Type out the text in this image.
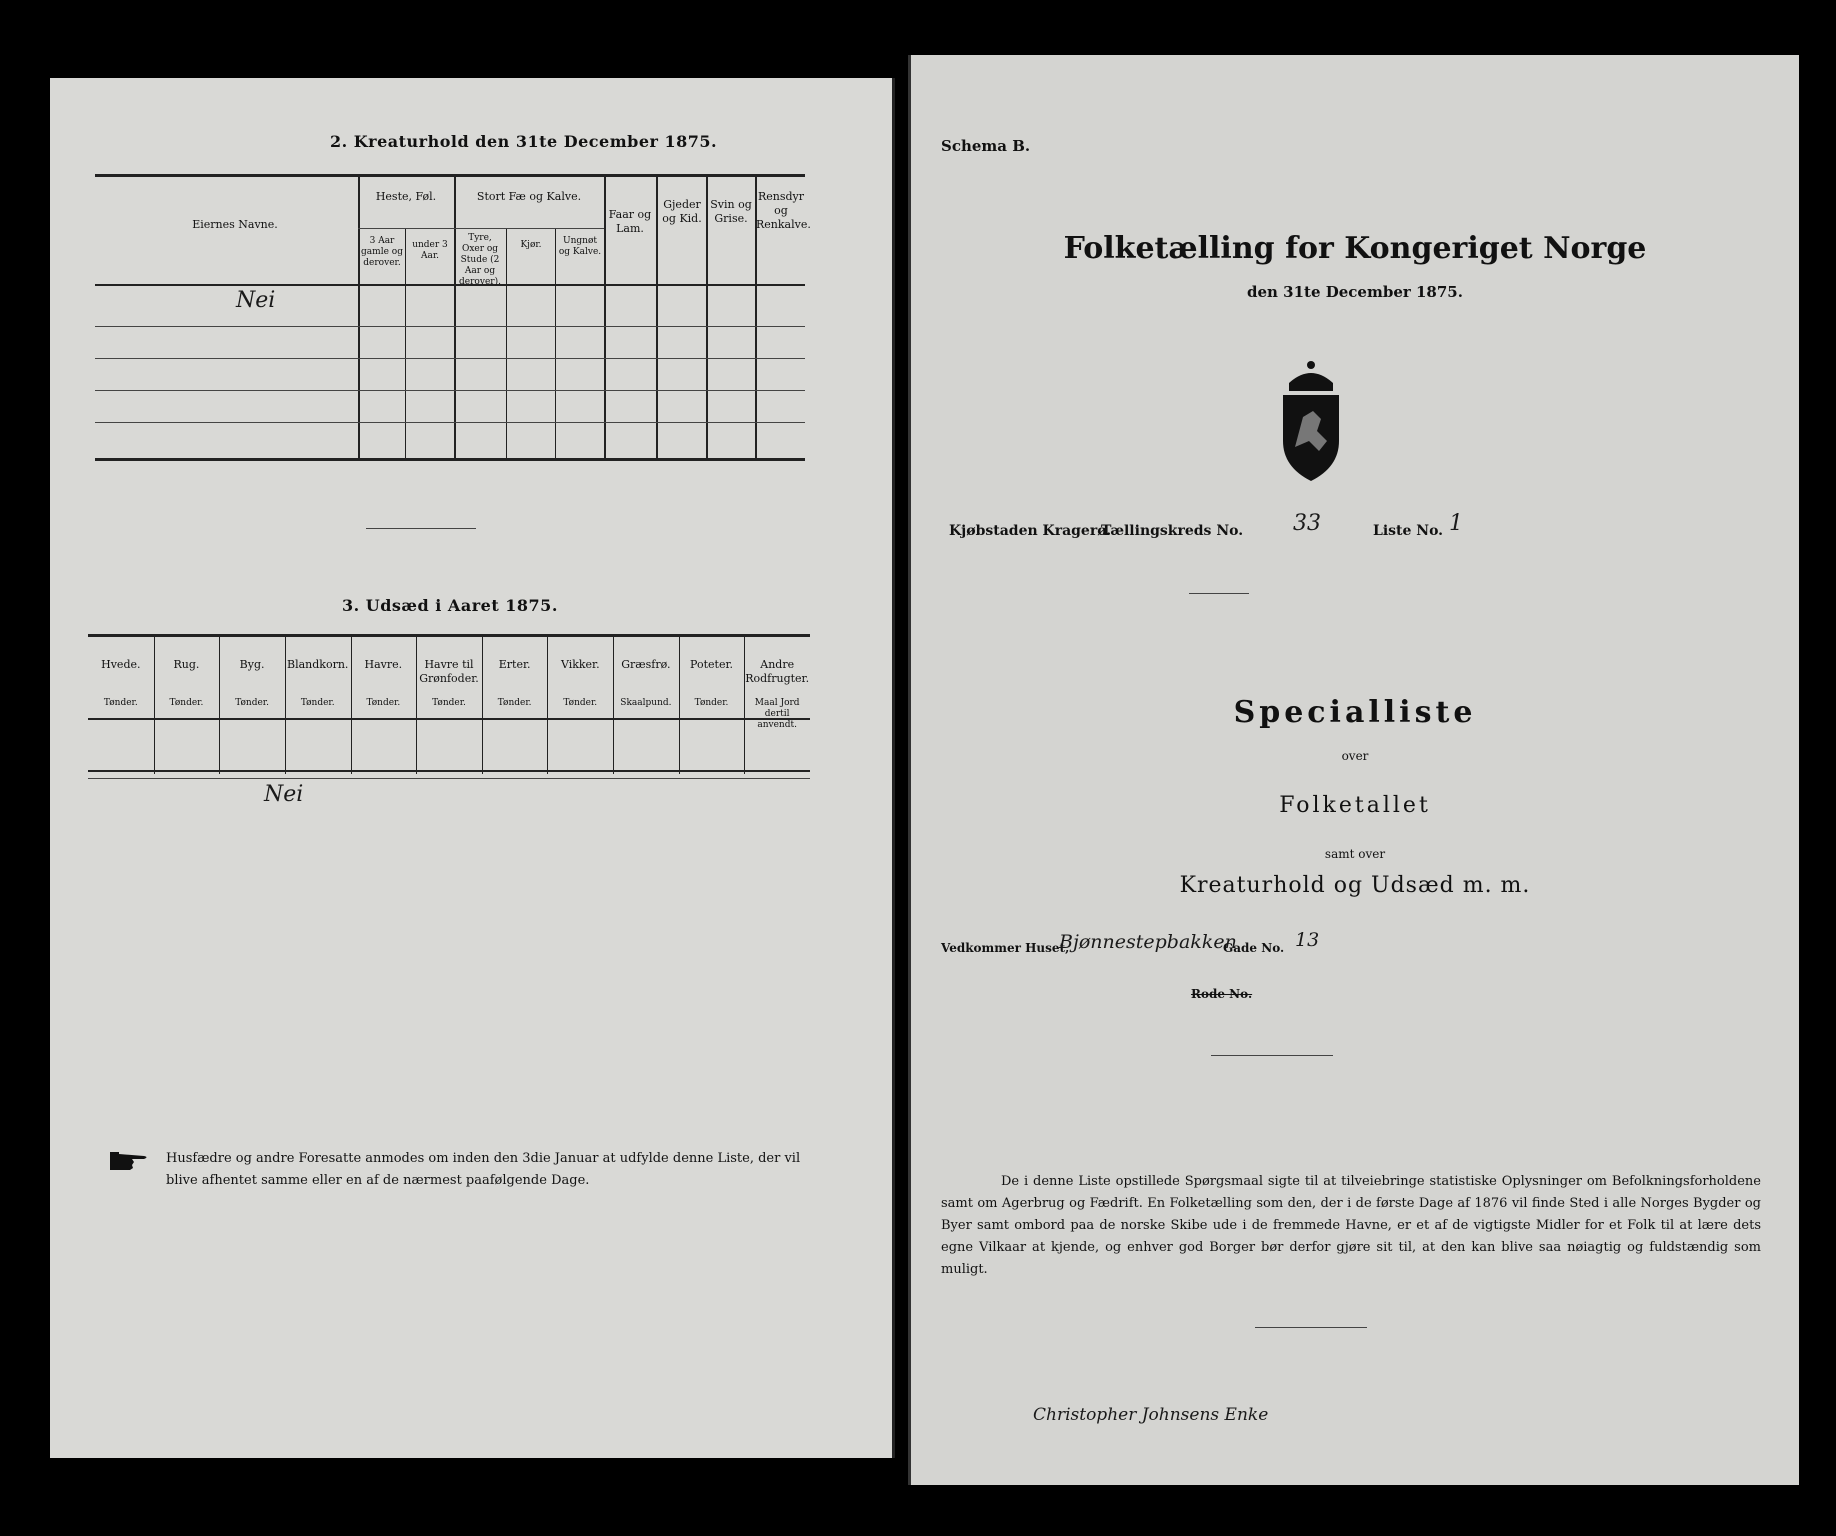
2. Kreaturhold den 31te December 1875.
Eiernes Navne.
Heste, Føl.
3 Aar gamle og derover.
under 3 Aar.
Stort Fæ og Kalve.
Tyre, Oxer og Stude (2 Aar og derover).
Kjør.	Ungnøt og Kalve.
Faar og Lam.
Gjeder og Kid.
Svin og Grise.
Rensdyr og Renkalve.
Nei
3. Udsæd i Aaret 1875.
Hvede.
Tønder.
Rug.
Tønder.
Byg.
Tønder.
Blandkorn.
Tønder.
Havre.
Tønder.
Havre til Grønfoder.
Tønder.
Erter.
Tønder.
Vikker.
Tønder.
Græsfrø.
Skaalpund.
Poteter.
Tønder.
Andre Rodfrugter.
Maal Jord dertil anvendt.
Nei
Husfædre og andre Foresatte anmodes om inden den 3die Januar at udfylde denne Liste, der vil blive afhentet samme eller en af de nærmest paafølgende Dage.
Schema B.
Folketælling for Kongeriget Norge
den 31te December 1875.
Kjøbstaden Kragerø.
Tællingskreds No. 33	Liste No. 1
Specialliste
over
Folketallet
samt over
Kreaturhold og Udsæd m. m.
Vedkommer Huset,
Bjønnestepbakken
Gade No. 13
Rode No.
De i denne Liste opstillede Spørgsmaal sigte til at tilveiebringe statistiske Oplysninger om Befolkningsforholdene samt om Agerbrug og Fædrift. En Folketælling som den, der i de første Dage af 1876 vil finde Sted i alle Norges Bygder og Byer samt ombord paa de norske Skibe ude i de fremmede Havne, er et af de vigtigste Midler for et Folk til at lære dets egne Vilkaar at kjende, og enhver god Borger bør derfor gjøre sit til, at den kan blive saa nøiagtig og fuldstændig som muligt.
Christopher Johnsens Enke
